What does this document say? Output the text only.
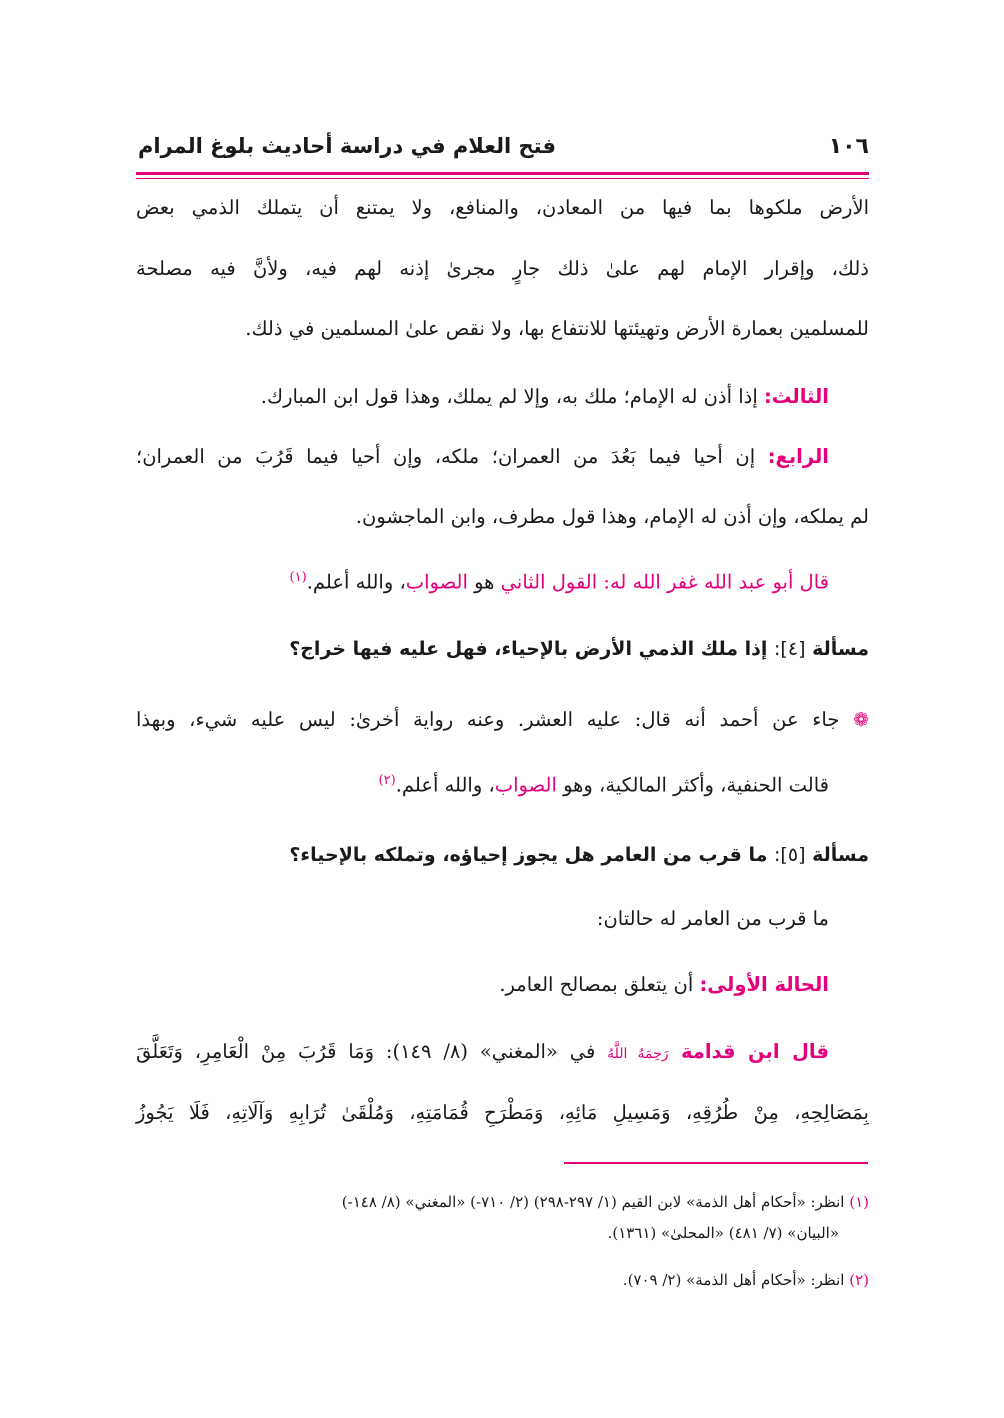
١٠٦
فتح العلام في دراسة أحاديث بلوغ المرام
الأرض ملكوها بما فيها من المعادن، والمنافع، ولا يمتنع أن يتملك الذمي بعض
ذلك، وإقرار الإمام لهم علىٰ ذلك جارٍ مجرىٰ إذنه لهم فيه، ولأنَّ فيه مصلحة
للمسلمين بعمارة الأرض وتهيئتها للانتفاع بها، ولا نقص علىٰ المسلمين في ذلك.
الثالث: إذا أذن له الإمام؛ ملك به، وإلا لم يملك، وهذا قول ابن المبارك.
الرابع: إن أحيا فيما بَعُدَ من العمران؛ ملكه، وإن أحيا فيما قَرُبَ من العمران؛
لم يملكه، وإن أذن له الإمام، وهذا قول مطرف، وابن الماجشون.
قال أبو عبد الله غفر الله له: القول الثاني هو الصواب، والله أعلم.$^{(١)}$
مسألة [٤]: إذا ملك الذمي الأرض بالإحياء، فهل عليه فيها خراج؟
❁ جاء عن أحمد أنه قال: عليه العشر. وعنه رواية أخرىٰ: ليس عليه شيء، وبهذا
قالت الحنفية، وأكثر المالكية، وهو الصواب، والله أعلم.$^{(٢)}$
مسألة [٥]: ما قرب من العامر هل يجوز إحياؤه، وتملكه بالإحياء؟
ما قرب من العامر له حالتان:
الحالة الأولى: أن يتعلق بمصالح العامر.
قال ابن قدامة رَحِمَهُ اللَّهُ في «المغني» (٨/ ١٤٩): وَمَا قَرُبَ مِنْ الْعَامِرِ، وَتَعَلَّقَ
بِمَصَالِحِهِ، مِنْ طُرُقِهِ، وَمَسِيلِ مَائِهِ، وَمَطْرَحِ قُمَامَتِهِ، وَمُلْقَىٰ تُرَابِهِ وَآلَاتِهِ، فَلَا يَجُوزُ
(١) انظر: «أحكام أهل الذمة» لابن القيم (١/ ٢٩٧-٢٩٨) (٢/ ٧١٠-) «المغني» (٨/ ١٤٨-)
«البيان» (٧/ ٤٨١) «المحلىٰ» (١٣٦١).
(٢) انظر: «أحكام أهل الذمة» (٢/ ٧٠٩).
